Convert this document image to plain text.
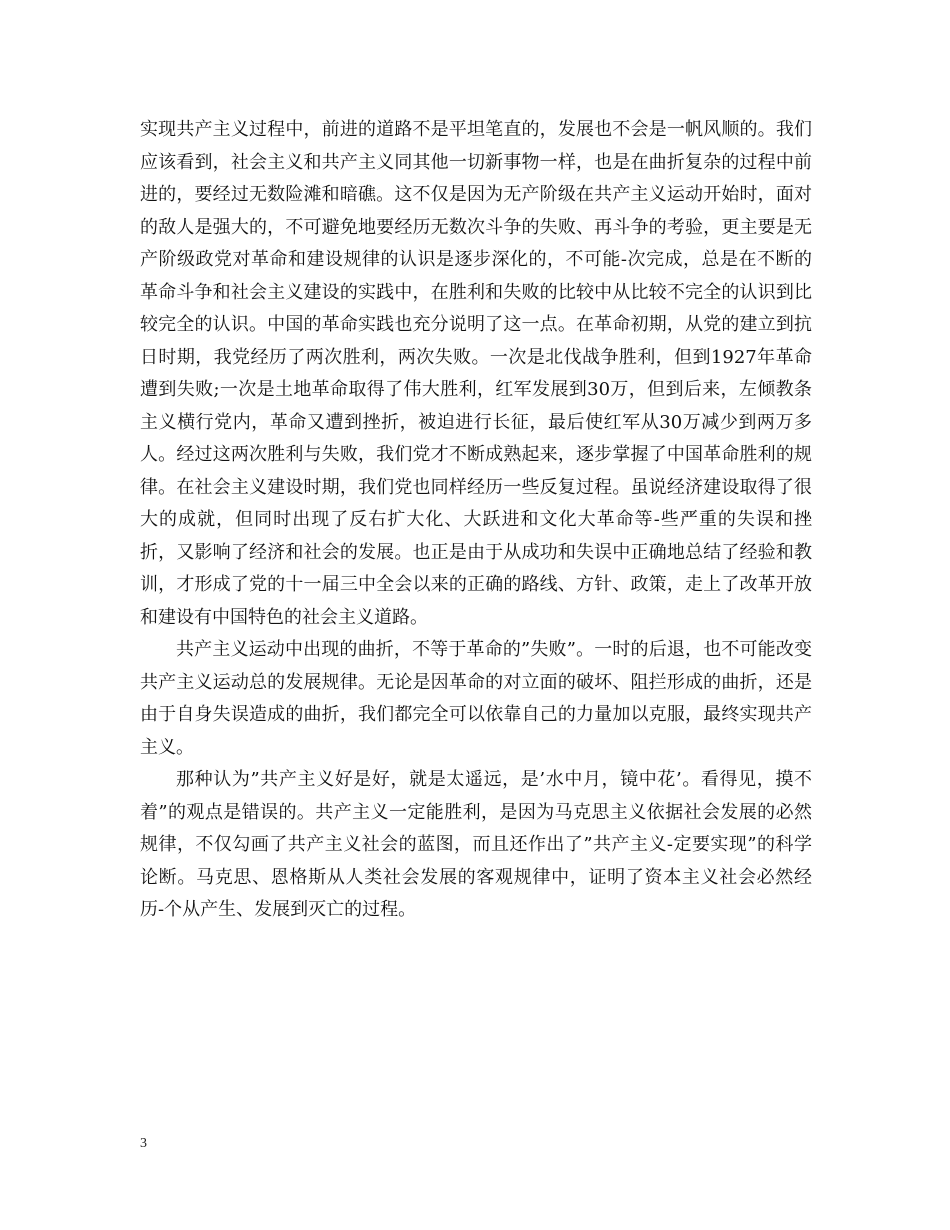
实现共产主义过程中，前进的道路不是平坦笔直的，发展也不会是一帆风顺的。我们应该看到，社会主义和共产主义同其他一切新事物一样，也是在曲折复杂的过程中前进的，要经过无数险滩和暗礁。这不仅是因为无产阶级在共产主义运动开始时，面对的敌人是强大的，不可避免地要经历无数次斗争的失败、再斗争的考验，更主要是无产阶级政党对革命和建设规律的认识是逐步深化的，不可能-次完成，总是在不断的革命斗争和社会主义建设的实践中，在胜利和失败的比较中从比较不完全的认识到比较完全的认识。中国的革命实践也充分说明了这一点。在革命初期，从党的建立到抗日时期，我党经历了两次胜利，两次失败。一次是北伐战争胜利，但到1927年革命遭到失败;一次是土地革命取得了伟大胜利，红军发展到30万，但到后来，左倾教条主义横行党内，革命又遭到挫折，被迫进行长征，最后使红军从30万减少到两万多人。经过这两次胜利与失败，我们党才不断成熟起来，逐步掌握了中国革命胜利的规律。在社会主义建设时期，我们党也同样经历一些反复过程。虽说经济建设取得了很大的成就，但同时出现了反右扩大化、大跃进和文化大革命等-些严重的失误和挫折，又影响了经济和社会的发展。也正是由于从成功和失误中正确地总结了经验和教训，才形成了党的十一届三中全会以来的正确的路线、方针、政策，走上了改革开放和建设有中国特色的社会主义道路。

共产主义运动中出现的曲折，不等于革命的”失败”。一时的后退，也不可能改变共产主义运动总的发展规律。无论是因革命的对立面的破坏、阻拦形成的曲折，还是由于自身失误造成的曲折，我们都完全可以依靠自己的力量加以克服，最终实现共产主义。

那种认为”共产主义好是好，就是太遥远，是’水中月，镜中花’。看得见，摸不着”的观点是错误的。共产主义一定能胜利，是因为马克思主义依据社会发展的必然规律，不仅勾画了共产主义社会的蓝图，而且还作出了”共产主义-定要实现”的科学论断。马克思、恩格斯从人类社会发展的客观规律中，证明了资本主义社会必然经历-个从产生、发展到灭亡的过程。

3
